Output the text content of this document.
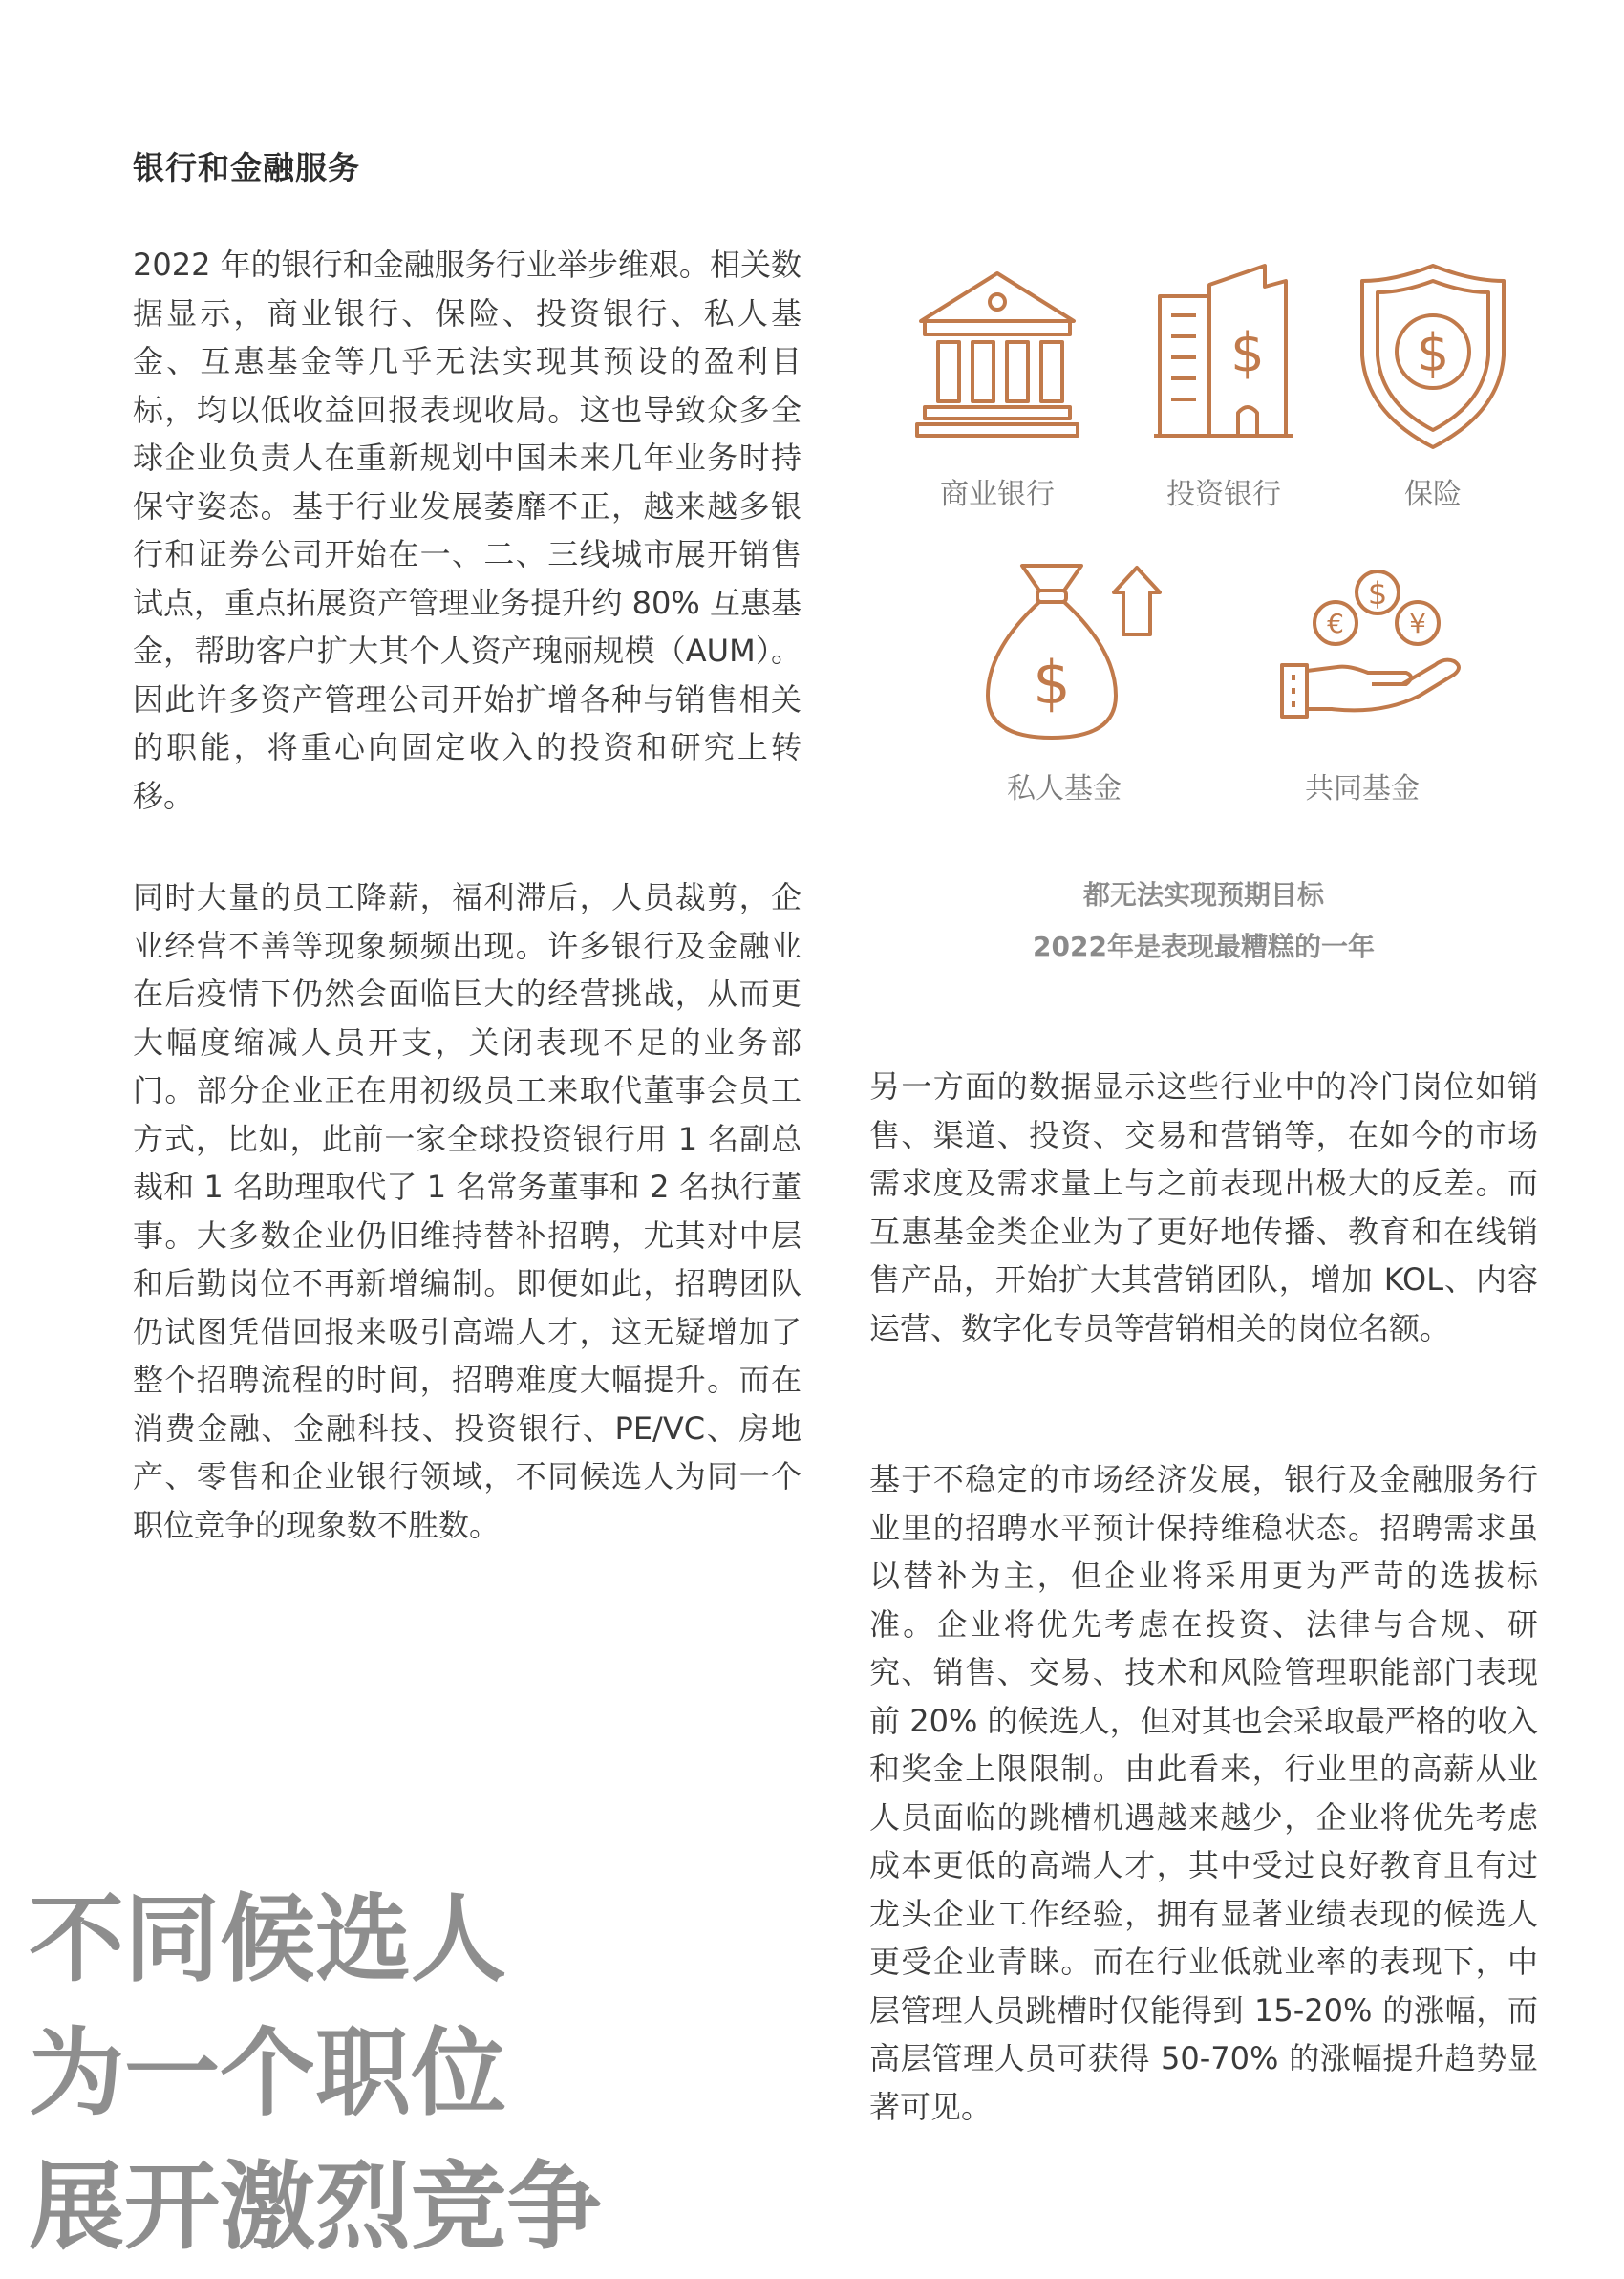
银行和金融服务

2022 年的银行和金融服务行业举步维艰。相关数据显示，商业银行、保险、投资银行、私人基金、互惠基金等几乎无法实现其预设的盈利目标，均以低收益回报表现收局。这也导致众多全球企业负责人在重新规划中国未来几年业务时持保守姿态。基于行业发展萎靡不正，越来越多银行和证券公司开始在一、二、三线城市展开销售试点，重点拓展资产管理业务提升约 80% 互惠基金，帮助客户扩大其个人资产瑰丽规模（AUM）。因此许多资产管理公司开始扩增各种与销售相关的职能，将重心向固定收入的投资和研究上转移。

同时大量的员工降薪，福利滞后，人员裁剪，企业经营不善等现象频频出现。许多银行及金融业在后疫情下仍然会面临巨大的经营挑战，从而更大幅度缩减人员开支，关闭表现不足的业务部门。部分企业正在用初级员工来取代董事会员工方式，比如，此前一家全球投资银行用 1 名副总裁和 1 名助理取代了 1 名常务董事和 2 名执行董事。大多数企业仍旧维持替补招聘，尤其对中层和后勤岗位不再新增编制。即便如此，招聘团队仍试图凭借回报来吸引高端人才，这无疑增加了整个招聘流程的时间，招聘难度大幅提升。而在消费金融、金融科技、投资银行、PE/VC、房地产、零售和企业银行领域，不同候选人为同一个职位竞争的现象数不胜数。

商业银行
$
投资银行
$
保险
$
私人基金
€
$
¥
共同基金
都无法实现预期目标
2022年是表现最糟糕的一年

另一方面的数据显示这些行业中的冷门岗位如销售、渠道、投资、交易和营销等，在如今的市场需求度及需求量上与之前表现出极大的反差。而互惠基金类企业为了更好地传播、教育和在线销售产品，开始扩大其营销团队，增加 KOL、内容运营、数字化专员等营销相关的岗位名额。

基于不稳定的市场经济发展，银行及金融服务行业里的招聘水平预计保持维稳状态。招聘需求虽以替补为主，但企业将采用更为严苛的选拔标准。企业将优先考虑在投资、法律与合规、研究、销售、交易、技术和风险管理职能部门表现前 20% 的候选人，但对其也会采取最严格的收入和奖金上限限制。由此看来，行业里的高薪从业人员面临的跳槽机遇越来越少，企业将优先考虑成本更低的高端人才，其中受过良好教育且有过龙头企业工作经验，拥有显著业绩表现的候选人更受企业青睐。而在行业低就业率的表现下，中层管理人员跳槽时仅能得到 15-20% 的涨幅，而高层管理人员可获得 50-70% 的涨幅提升趋势显著可见。

不同候选人
为一个职位
展开激烈竞争
